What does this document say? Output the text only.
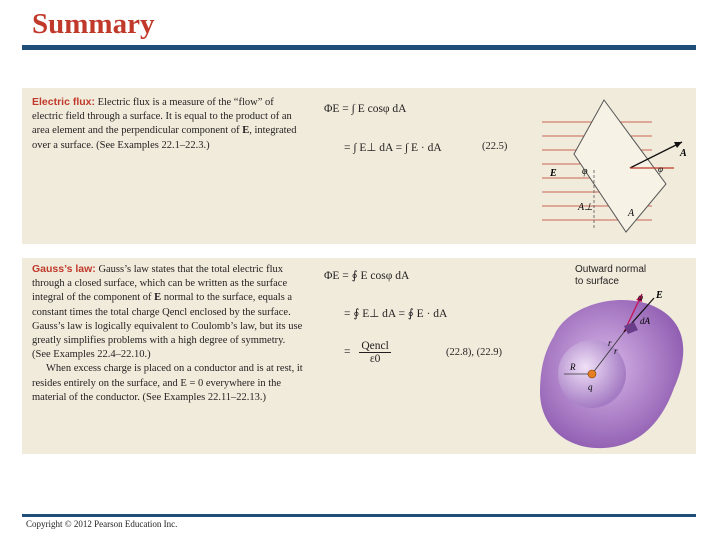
Summary
Electric flux: Electric flux is a measure of the “flow” of electric field through a surface. It is equal to the product of an area element and the perpendicular component of E, integrated over a surface. (See Examples 22.1–22.3.)
ΦE = ∫ E cosφ dA
= ∫ E⊥ dA = ∫ E · dA	(22.5)
A
E	φ	φ
A⊥
A
Gauss’s law: Gauss’s law states that the total electric flux through a closed surface, which can be written as the surface integral of the component of E normal to the surface, equals a constant times the total charge Qencl enclosed by the surface. Gauss’s law is logically equivalent to Coulomb’s law, but its use greatly simplifies problems with a high degree of symmetry. (See Examples 22.4–22.10.)
When excess charge is placed on a conductor and is at rest, it resides entirely on the surface, and E = 0 everywhere in the material of the conductor. (See Examples 22.11–22.13.)
ΦE = ∮ E cosφ dA
= ∮ E⊥ dA = ∮ E · dA
=
Qencl
ε0
(22.8), (22.9)
Outward normal
to surface
φ E
dA
r
r
R
q
Copyright © 2012 Pearson Education Inc.
